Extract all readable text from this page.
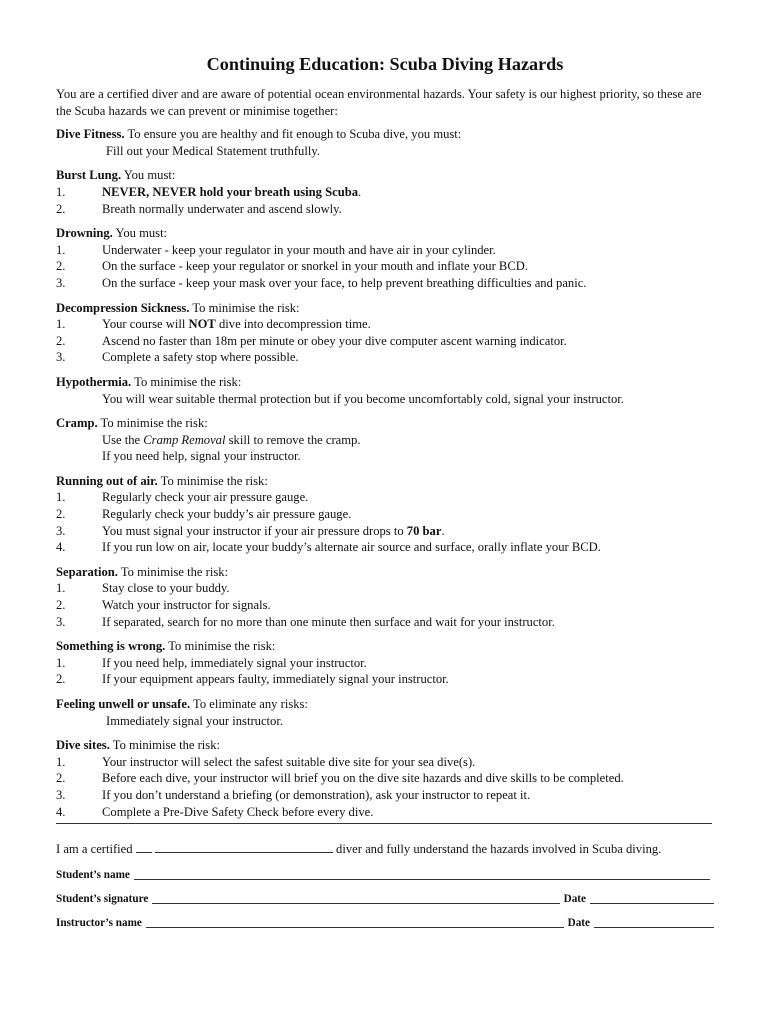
Continuing Education: Scuba Diving Hazards
You are a certified diver and are aware of potential ocean environmental hazards. Your safety is our highest priority, so these are the Scuba hazards we can prevent or minimise together:
Dive Fitness. To ensure you are healthy and fit enough to Scuba dive, you must:
Fill out your Medical Statement truthfully.
Burst Lung. You must:
1.	NEVER, NEVER hold your breath using Scuba.
2.	Breath normally underwater and ascend slowly.
Drowning. You must:
1.	Underwater - keep your regulator in your mouth and have air in your cylinder.
2.	On the surface - keep your regulator or snorkel in your mouth and inflate your BCD.
3.	On the surface - keep your mask over your face, to help prevent breathing difficulties and panic.
Decompression Sickness. To minimise the risk:
1.	Your course will NOT dive into decompression time.
2.	Ascend no faster than 18m per minute or obey your dive computer ascent warning indicator.
3.	Complete a safety stop where possible.
Hypothermia. To minimise the risk:
You will wear suitable thermal protection but if you become uncomfortably cold, signal your instructor.
Cramp. To minimise the risk:
Use the Cramp Removal skill to remove the cramp.
If you need help, signal your instructor.
Running out of air. To minimise the risk:
1.	Regularly check your air pressure gauge.
2.	Regularly check your buddy’s air pressure gauge.
3.	You must signal your instructor if your air pressure drops to 70 bar.
4.	If you run low on air, locate your buddy’s alternate air source and surface, orally inflate your BCD.
Separation. To minimise the risk:
1.	Stay close to your buddy.
2.	Watch your instructor for signals.
3.	If separated, search for no more than one minute then surface and wait for your instructor.
Something is wrong. To minimise the risk:
1.	If you need help, immediately signal your instructor.
2.	If your equipment appears faulty, immediately signal your instructor.
Feeling unwell or unsafe. To eliminate any risks:
Immediately signal your instructor.
Dive sites. To minimise the risk:
1.	Your instructor will select the safest suitable dive site for your sea dive(s).
2.	Before each dive, your instructor will brief you on the dive site hazards and dive skills to be completed.
3.	If you don’t understand a briefing (or demonstration), ask your instructor to repeat it.
4.	Complete a Pre-Dive Safety Check before every dive.
I am a certified	diver and fully understand the hazards involved in Scuba diving.
Student’s name
Student’s signature	Date
Instructor’s name	Date
